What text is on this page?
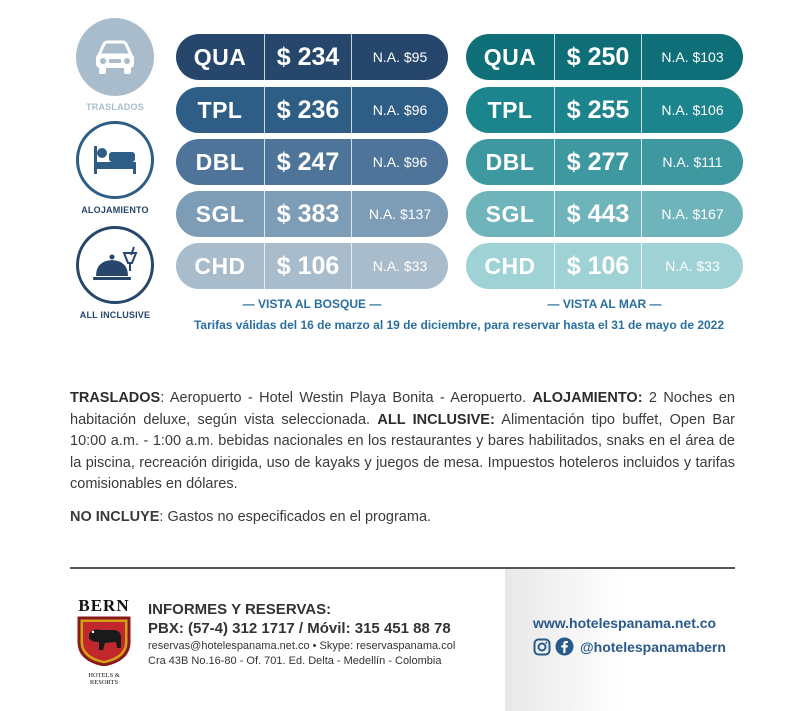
TRASLADOS
ALOJAMIENTO
ALL INCLUSIVE
QUA	$ 234	N.A. $95
TPL	$ 236	N.A. $96
DBL	$ 247	N.A. $96
SGL	$ 383	N.A. $137
CHD	$ 106	N.A. $33
QUA	$ 250	N.A. $103
TPL	$ 255	N.A. $106
DBL	$ 277	N.A. $111
SGL	$ 443	N.A. $167
CHD	$ 106	N.A. $33
— VISTA AL BOSQUE —	— VISTA AL MAR —
Tarifas válidas del 16 de marzo al 19 de diciembre, para reservar hasta el 31 de mayo de 2022
TRASLADOS: Aeropuerto - Hotel Westin Playa Bonita - Aeropuerto. ALOJAMIENTO: 2 Noches en habitación deluxe, según vista seleccionada. ALL INCLUSIVE: Alimentación tipo buffet, Open Bar 10:00 a.m. - 1:00 a.m. bebidas nacionales en los restaurantes y bares habilitados, snaks en el área de la piscina, recreación dirigida, uso de kayaks y juegos de mesa. Impuestos hoteleros incluidos y tarifas comisionables en dólares.
NO INCLUYE: Gastos no especificados en el programa.
BERN
HOTELS & RESORTS
INFORMES Y RESERVAS:
PBX: (57-4) 312 1717 / Móvil: 315 451 88 78
reservas@hotelespanama.net.co • Skype: reservaspanama.col
Cra 43B No.16-80 - Of. 701. Ed. Delta - Medellín - Colombia
www.hotelespanama.net.co
@hotelespanamabern
